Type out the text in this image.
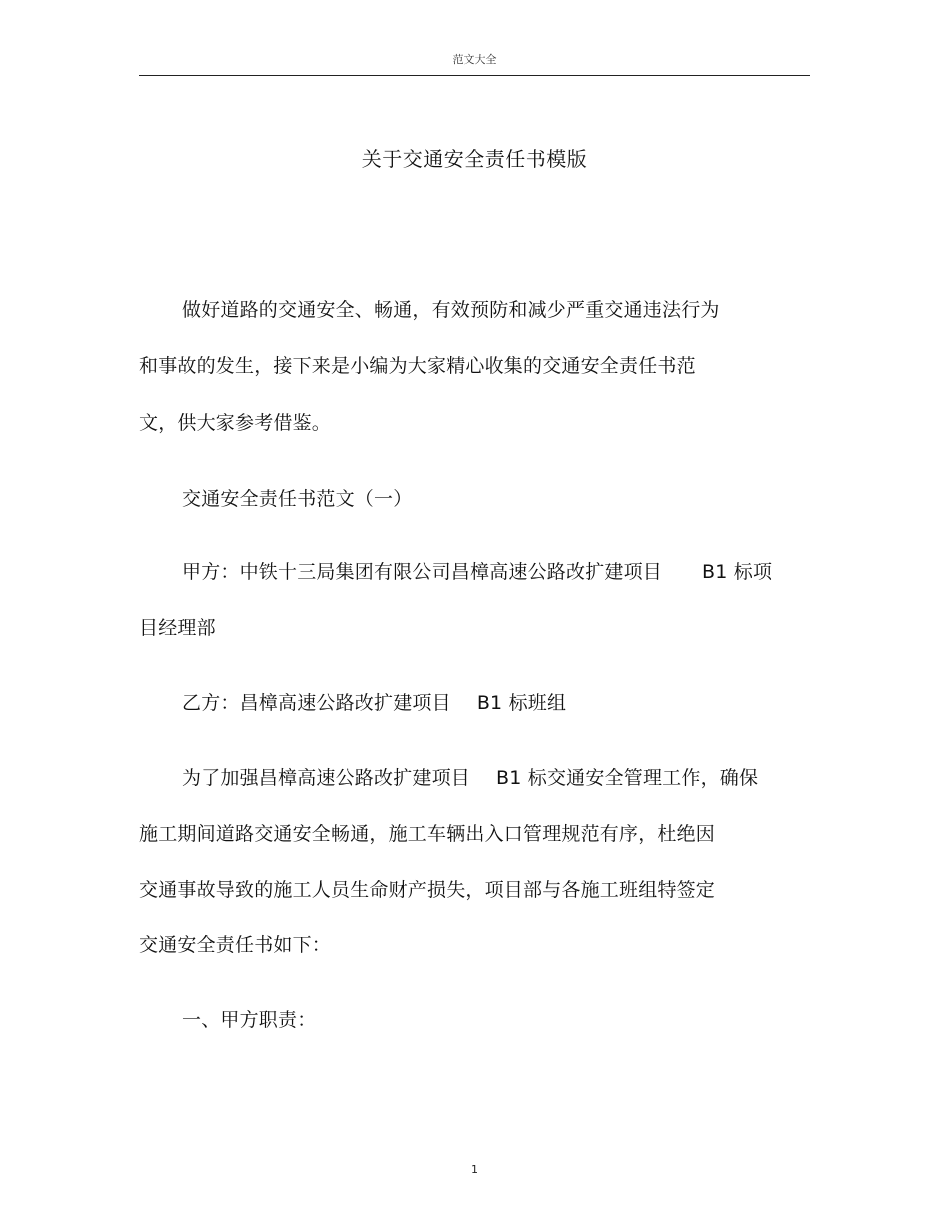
范文大全
关于交通安全责任书模版
做好道路的交通安全、畅通，有效预防和减少严重交通违法行为
和事故的发生，接下来是小编为大家精心收集的交通安全责任书范
文，供大家参考借鉴。
交通安全责任书范文（一）
甲方：中铁十三局集团有限公司昌樟高速公路改扩建项目 B1 标项
目经理部
乙方：昌樟高速公路改扩建项目 B1 标班组
为了加强昌樟高速公路改扩建项目 B1 标交通安全管理工作，确保
施工期间道路交通安全畅通，施工车辆出入口管理规范有序，杜绝因
交通事故导致的施工人员生命财产损失，项目部与各施工班组特签定
交通安全责任书如下：
一、甲方职责：
1
